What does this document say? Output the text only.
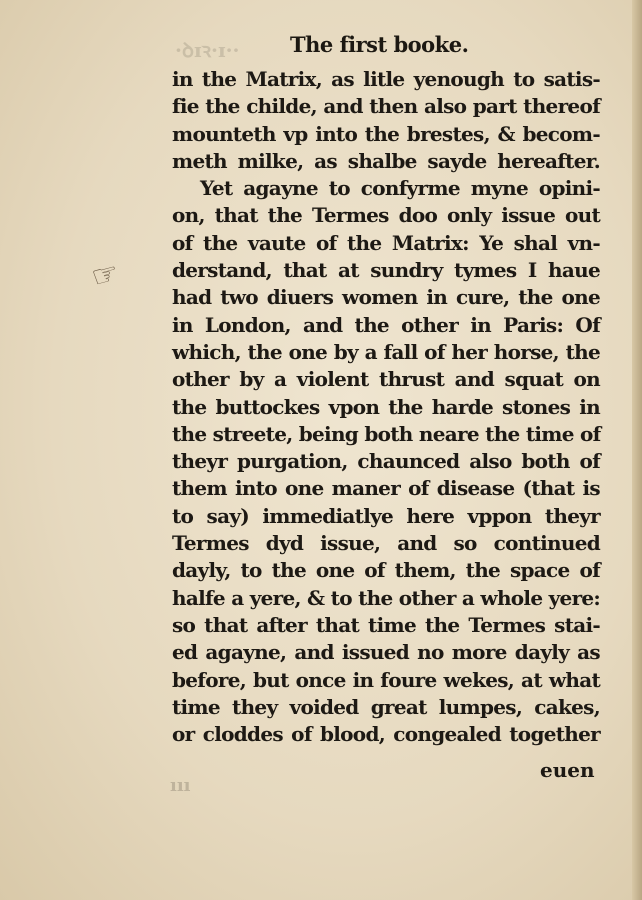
·ꝺɪꝛ·ɪ·· The first booke.
☞
in the Matrix, as litle yenough to satis-
fie the childe, and then also part thereof
mounteth vp into the brestes, & becom-
meth milke, as shalbe sayde hereafter.
Yet agayne to confyrme myne opini-
on, that the Termes doo only issue out
of the vaute of the Matrix: Ye shal vn-
derstand, that at sundry tymes I haue
had two diuers women in cure, the one
in London, and the other in Paris: Of
which, the one by a fall of her horse, the
other by a violent thrust and squat on
the buttockes vpon the harde stones in
the streete, being both neare the time of
theyr purgation, chaunced also both of
them into one maner of disease (that is
to say) immediatlye here vppon theyr
Termes dyd issue, and so continued
dayly, to the one of them, the space of
halfe a yere, & to the other a whole yere:
so that after that time the Termes stai-
ed agayne, and issued no more dayly as
before, but once in foure wekes, at what
time they voided great lumpes, cakes,
or cloddes of blood, congealed together
euen
ııı
